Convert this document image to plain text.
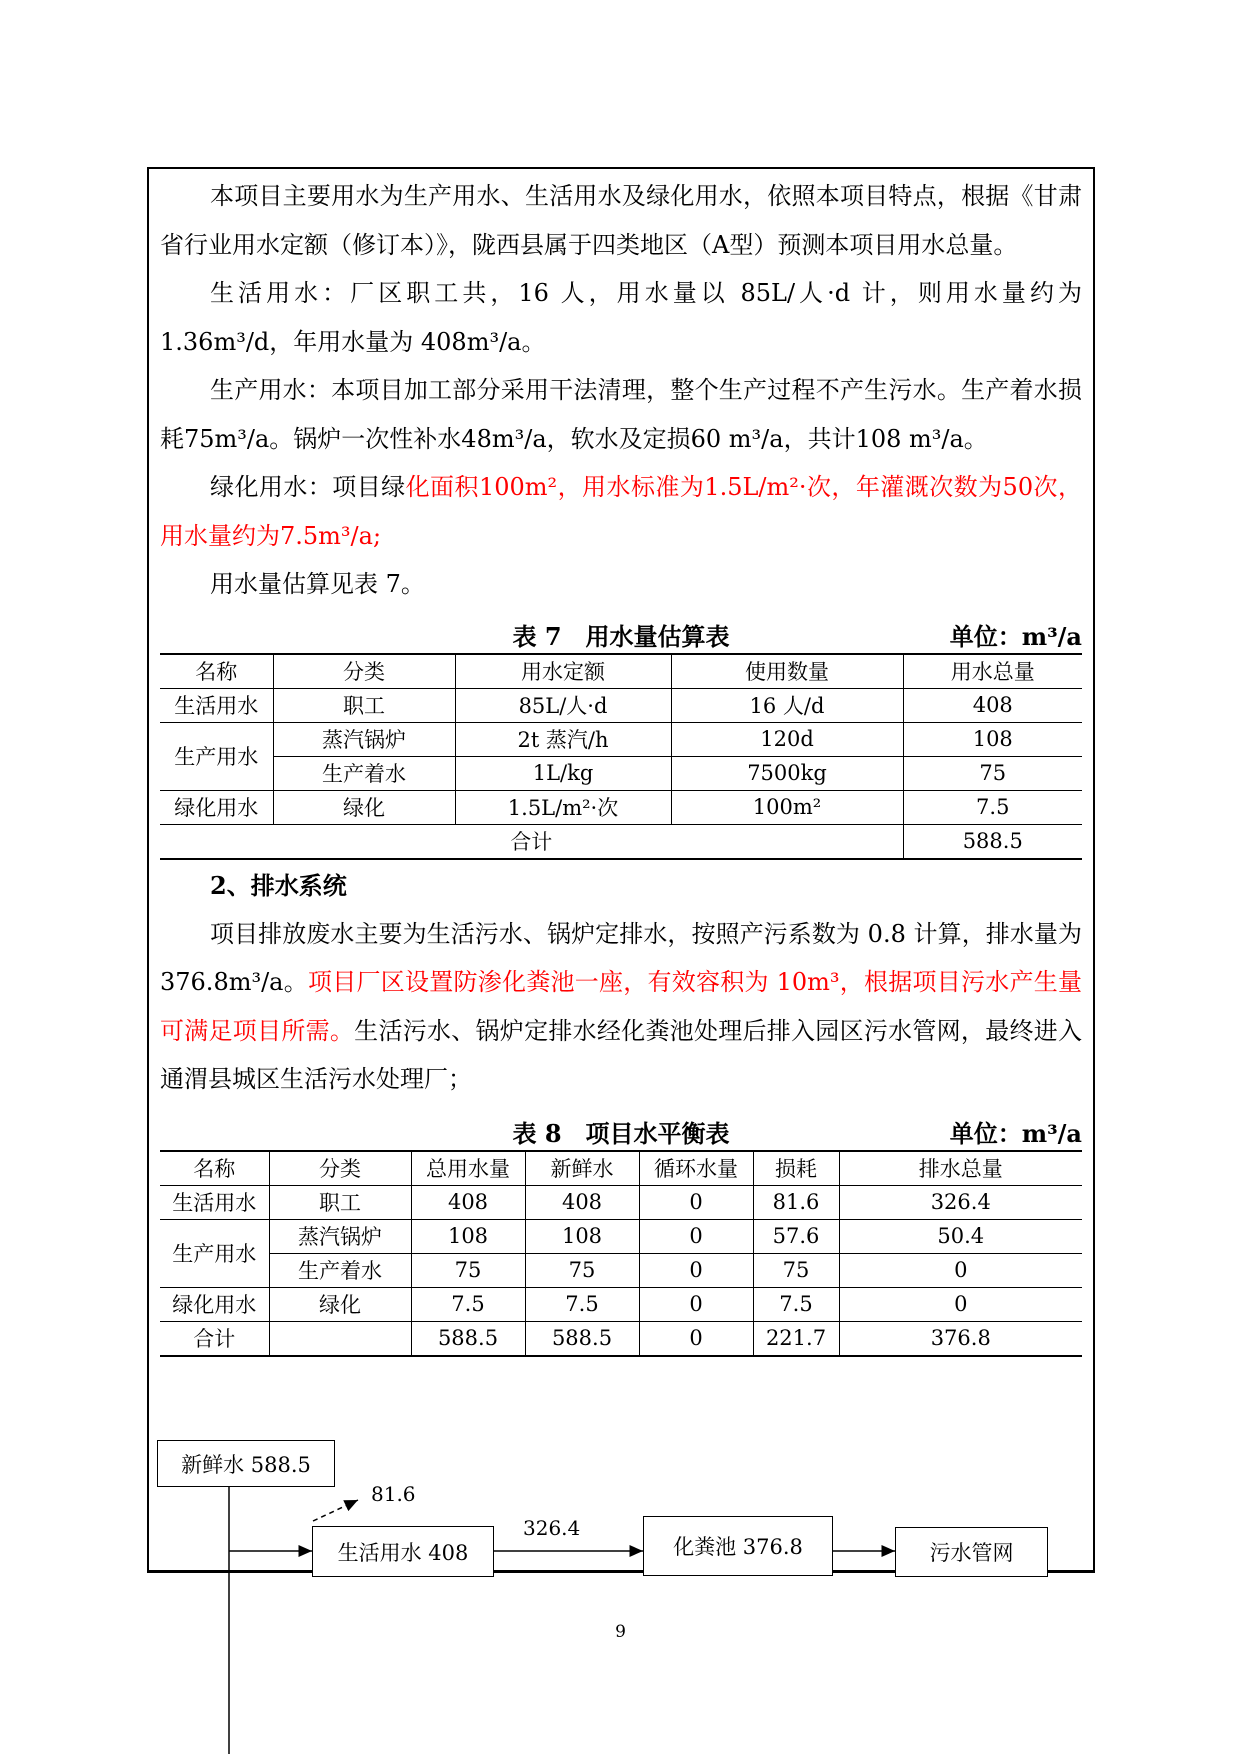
本项目主要用水为生产用水、生活用水及绿化用水，依照本项目特点，根据《甘肃省行业用水定额（修订本）》，陇西县属于四类地区（A型）预测本项目用水总量。

生活用水：厂区职工共，16 人，用水量以 85L/人·d 计，则用水量约为 1.36m³/d，年用水量为 408m³/a。

生产用水：本项目加工部分采用干法清理，整个生产过程不产生污水。生产着水损耗75m³/a。锅炉一次性补水48m³/a，软水及定损60 m³/a，共计108 m³/a。

绿化用水：项目绿化面积100m²，用水标准为1.5L/m²·次，年灌溉次数为50次，用水量约为7.5m³/a;

用水量估算见表 7。

表 7　用水量估算表	单位：m³/a
名称	分类	用水定额	使用数量	用水总量
生活用水	职工	85L/人·d	16 人/d	408
生产用水	蒸汽锅炉	2t 蒸汽/h	120d	108
	生产着水	1L/kg	7500kg	75
绿化用水	绿化	1.5L/m²·次	100m²	7.5
合计				588.5

2、排水系统

项目排放废水主要为生活污水、锅炉定排水，按照产污系数为 0.8 计算，排水量为 376.8m³/a。项目厂区设置防渗化粪池一座，有效容积为 10m³，根据项目污水产生量可满足项目所需。生活污水、锅炉定排水经化粪池处理后排入园区污水管网，最终进入通渭县城区生活污水处理厂；

表 8　项目水平衡表	单位：m³/a
名称	分类	总用水量	新鲜水	循环水量	损耗	排水总量
生活用水	职工	408	408	0	81.6	326.4
生产用水	蒸汽锅炉	108	108	0	57.6	50.4
	生产着水	75	75	0	75	0
绿化用水	绿化	7.5	7.5	0	7.5	0
合计		588.5	588.5	0	221.7	376.8
新鲜水 588.5
81.6
生活用水 408
326.4
化粪池 376.8	污水管网
9
